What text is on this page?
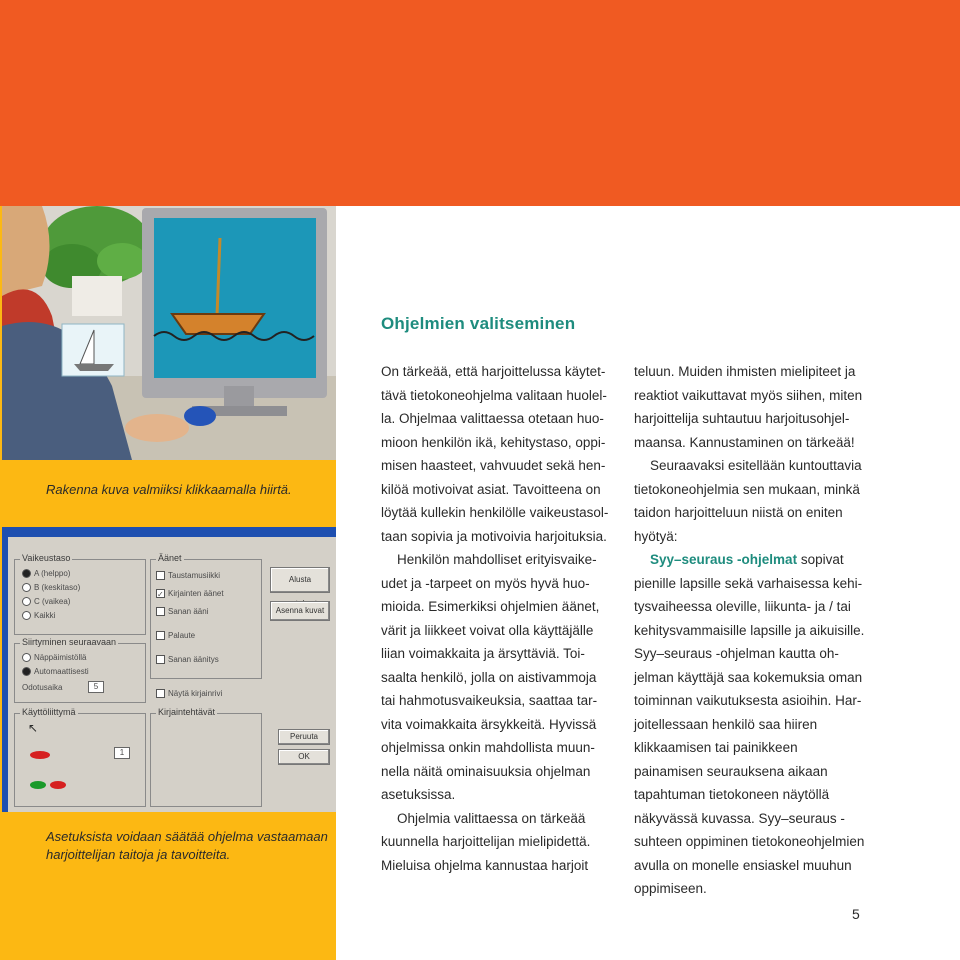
Rakenna kuva valmiiksi klikkaamalla hiirtä.
Vaikeustaso
A (helppo)
B (keskitaso)
C (vaikea)
Kaikki
Siirtyminen seuraavaan
Näppäimistöllä
Automaattisesti
Odotusaika	5
Käyttöliittymä
↖
1
Äänet
Taustamusiikki
✓ Kirjainten äänet
Sanan ääni
Palaute
Sanan äänitys
Näytä kirjainrivi
Kirjaintehtävät
Alusta
Asenna kuvat
Peruuta
OK
Asetuksista voidaan säätää ohjelma vastaamaan harjoittelijan taitoja ja tavoitteita.
Ohjelmien valitseminen

On tärkeää, että harjoittelussa käytettävä tietokoneohjelma valitaan huolella. Ohjelmaa valittaessa otetaan huomioon henkilön ikä, kehitystaso, oppimisen haasteet, vahvuudet sekä henkilöä motivoivat asiat. Tavoitteena on löytää kullekin henkilölle vaikeustasoltaan sopivia ja motivoivia harjoituksia.

Henkilön mahdolliset erityisvaikeudet ja -tarpeet on myös hyvä huomioida. Esimerkiksi ohjelmien äänet, värit ja liikkeet voivat olla käyttäjälle liian voimakkaita ja ärsyttäviä. Toisaalta henkilö, jolla on aistivammoja tai hahmotusvaikeuksia, saattaa tarvita voimakkaita ärsykkeitä. Hyvissä ohjelmissa onkin mahdollista muunnella näitä ominaisuuksia ohjelman asetuksissa.

Ohjelmia valittaessa on tärkeää kuunnella harjoittelijan mielipidettä. Mieluisa ohjelma kannustaa harjoit

teluun. Muiden ihmisten mielipiteet ja reaktiot vaikuttavat myös siihen, miten harjoittelija suhtautuu harjoitusohjelmaansa. Kannustaminen on tärkeää!

Seuraavaksi esitellään kuntouttavia tietokoneohjelmia sen mukaan, minkä taidon harjoitteluun niistä on eniten hyötyä:

Syy–seuraus -ohjelmat sopivat pienille lapsille sekä varhaisessa kehitysvaiheessa oleville, liikunta- ja / tai kehitysvammaisille lapsille ja aikuisille. Syy–seuraus -ohjelman kautta ohjelman käyttäjä saa kokemuksia oman toiminnan vaikutuksesta asioihin. Harjoitellessaan henkilö saa hiiren klikkaamisen tai painikkeen painamisen seurauksena aikaan tapahtuman tietokoneen näytöllä näkyvässä kuvassa. Syy–seuraus -suhteen oppiminen tietokoneohjelmien avulla on monelle ensiaskel muuhun oppimiseen.

5
